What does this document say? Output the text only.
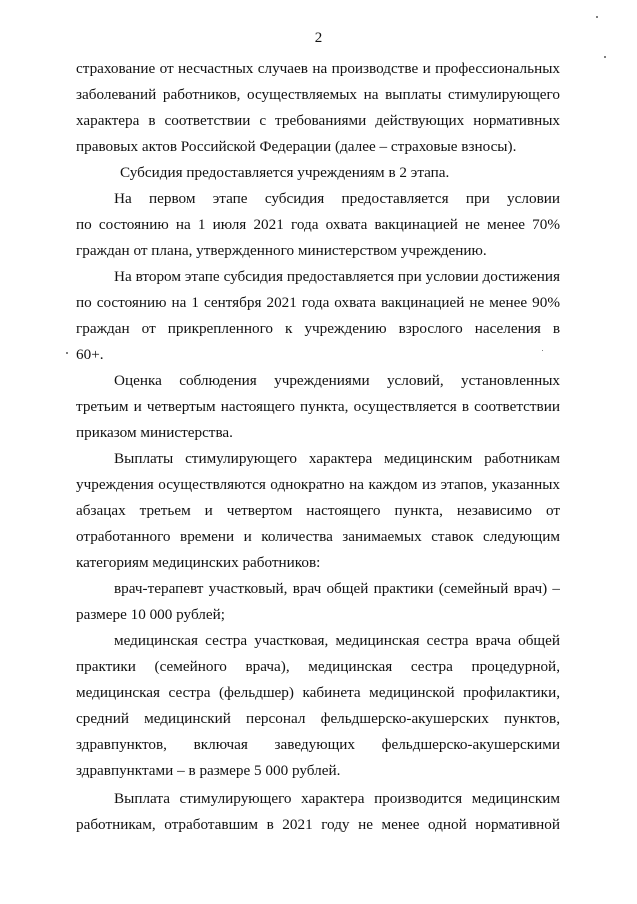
2
страхование от несчастных случаев на производстве и профессиональных
заболеваний работников, осуществляемых на выплаты стимулирующего
характера в соответствии с требованиями действующих нормативных
правовых актов Российской Федерации (далее – страховые взносы).
Субсидия предоставляется учреждениям в 2 этапа.
На первом этапе субсидия предоставляется при условии
по состоянию на 1 июля 2021 года охвата вакцинацией не менее 70%
граждан от плана, утвержденного министерством учреждению.
На втором этапе субсидия предоставляется при условии достижения
по состоянию на 1 сентября 2021 года охвата вакцинацией не менее 90%
граждан от прикрепленного к учреждению взрослого населения в
60+.
Оценка соблюдения учреждениями условий, установленных
третьим и четвертым настоящего пункта, осуществляется в соответствии
приказом министерства.
Выплаты стимулирующего характера медицинским работникам
учреждения осуществляются однократно на каждом из этапов, указанных
абзацах третьем и четвертом настоящего пункта, независимо от
отработанного времени и количества занимаемых ставок следующим
категориям медицинских работников:
врач-терапевт участковый, врач общей практики (семейный врач) –
размере 10 000 рублей;
медицинская сестра участковая, медицинская сестра врача общей
практики (семейного врача), медицинская сестра процедурной,
медицинская сестра (фельдшер) кабинета медицинской профилактики,
средний медицинский персонал фельдшерско-акушерских пунктов,
здравпунктов, включая заведующих фельдшерско-акушерскими
здравпунктами – в размере 5 000 рублей.
Выплата стимулирующего характера производится медицинским
работникам, отработавшим в 2021 году не менее одной нормативной
